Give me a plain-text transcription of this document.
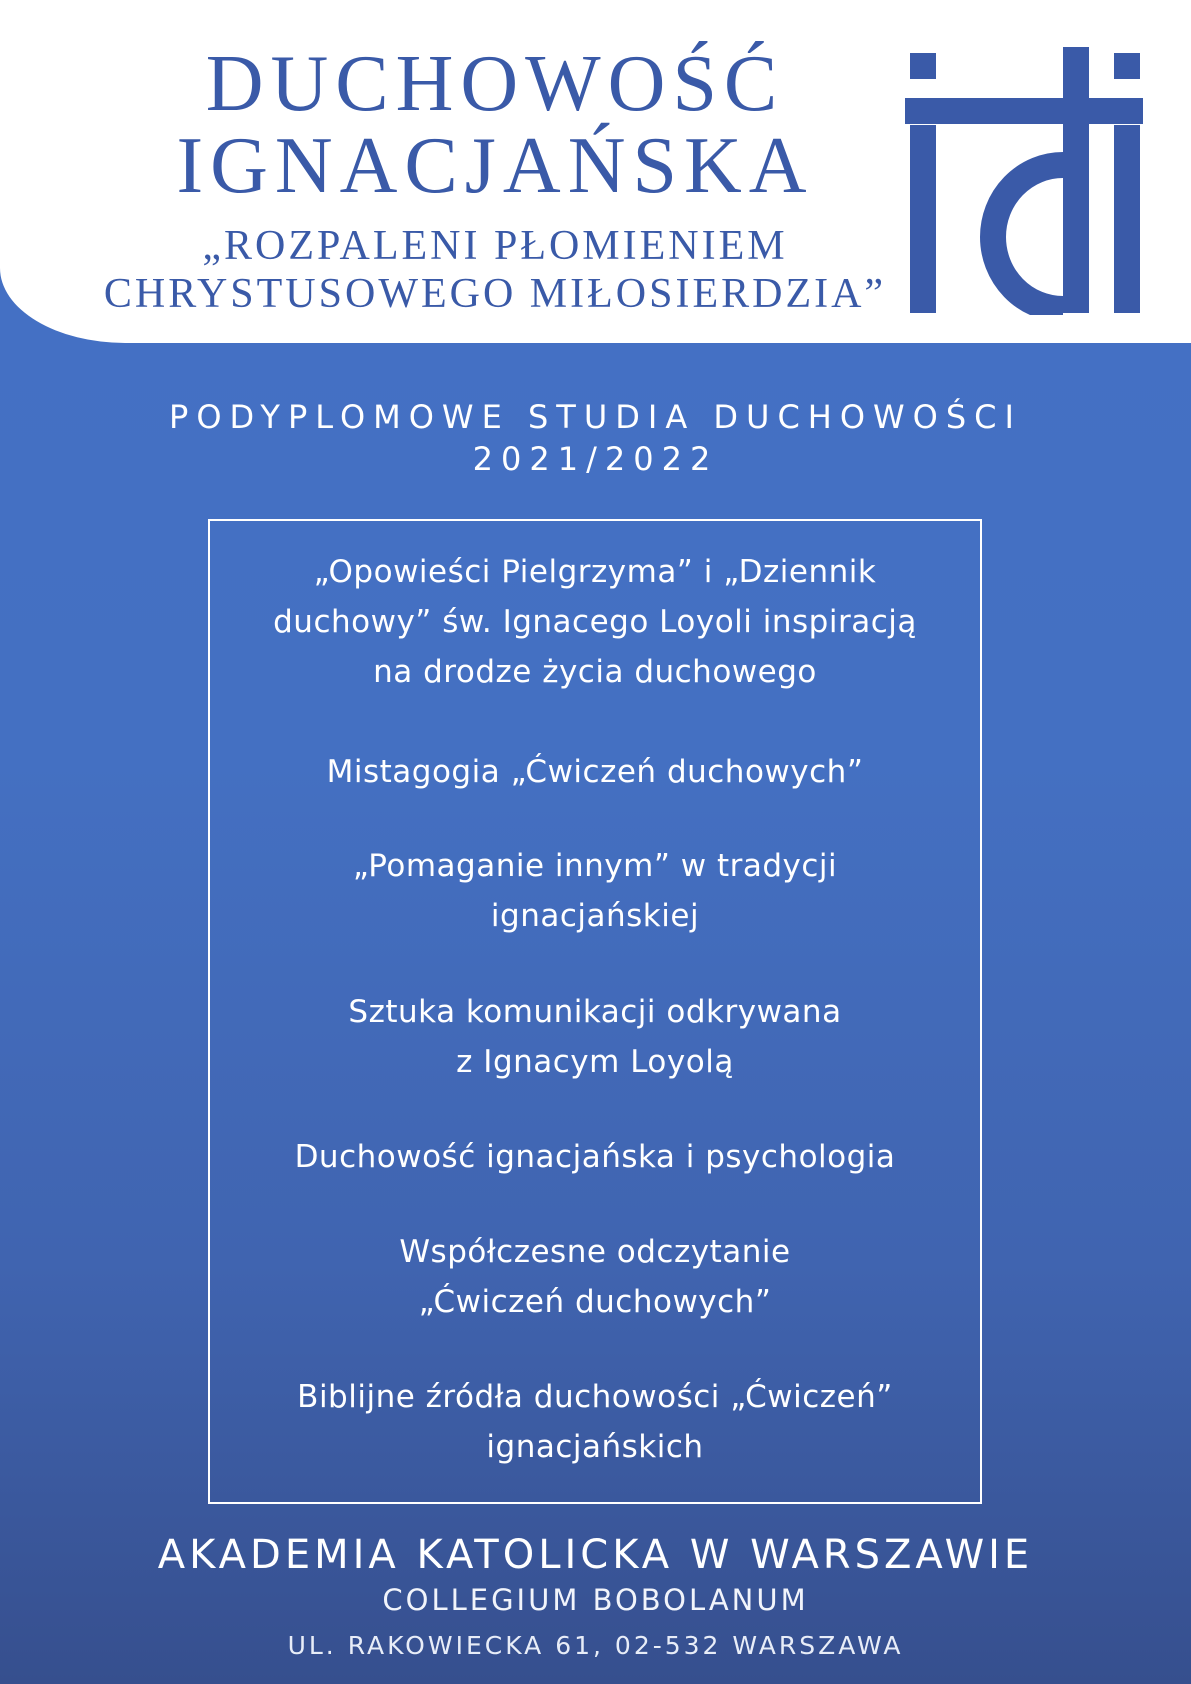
DUCHOWOŚĆ
IGNACJAŃSKA
„ROZPALENI PŁOMIENIEM
CHRYSTUSOWEGO MIŁOSIERDZIA”
PODYPLOMOWE STUDIA DUCHOWOŚCI
2021/2022
„Opowieści Pielgrzyma” i „Dziennik
duchowy” św. Ignacego Loyoli inspiracją
na drodze życia duchowego
Mistagogia „Ćwiczeń duchowych”
„Pomaganie innym” w tradycji
ignacjańskiej
Sztuka komunikacji odkrywana
z Ignacym Loyolą
Duchowość ignacjańska i psychologia
Współczesne odczytanie
„Ćwiczeń duchowych”
Biblijne źródła duchowości „Ćwiczeń”
ignacjańskich
AKADEMIA KATOLICKA W WARSZAWIE
COLLEGIUM BOBOLANUM
UL. RAKOWIECKA 61, 02-532 WARSZAWA
